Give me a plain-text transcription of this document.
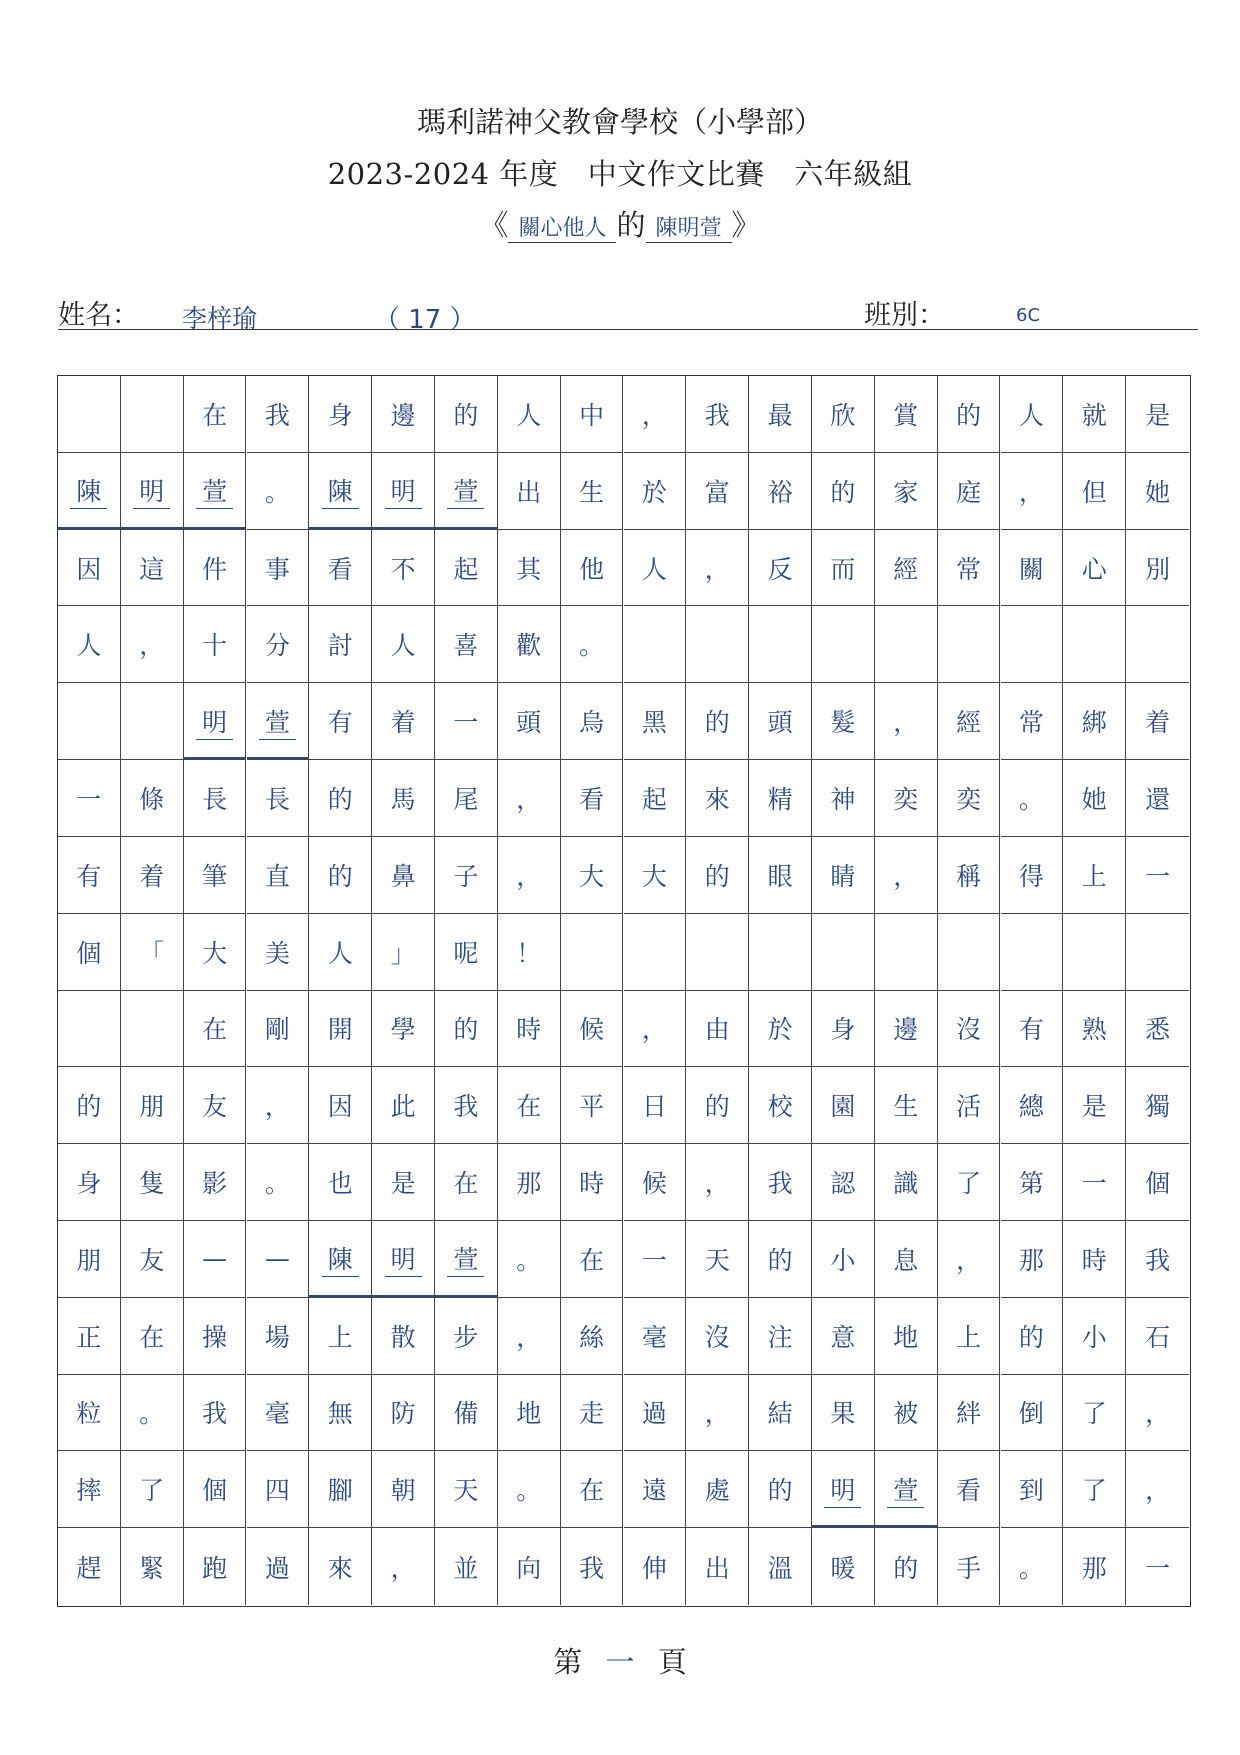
瑪利諾神父教會學校（小學部）
2023-2024 年度　中文作文比賽　六年級組
《 關心他人 的 陳明萱 》
姓名： 李梓瑜	（ 17 ）	班別：	6C
在 我 身 邊 的 人 中 ， 我 最 欣 賞 的 人 就 是
陳 明 萱 。 陳 明 萱 出 生 於 富 裕 的 家 庭 ， 但 她
因 這 件 事 看 不 起 其 他 人 ， 反 而 經 常 關 心 別
人 ， 十 分 討 人 喜 歡 。
明 萱 有 着 一 頭 烏 黑 的 頭 髮 ， 經 常 綁 着
一 條 長 長 的 馬 尾 ， 看 起 來 精 神 奕 奕 。 她 還
有 着 筆 直 的 鼻 子 ， 大 大 的 眼 睛 ， 稱 得 上 一
個 「 大 美 人 」 呢 ！
在 剛 開 學 的 時 候 ， 由 於 身 邊 沒 有 熟 悉
的 朋 友 ， 因 此 我 在 平 日 的 校 園 生 活 總 是 獨
身 隻 影 。 也 是 在 那 時 候 ， 我 認 識 了 第 一 個
朋 友 — — 陳 明 萱 。 在 一 天 的 小 息 ， 那 時 我
正 在 操 場 上 散 步 ， 絲 毫 沒 注 意 地 上 的 小 石
粒 。 我 毫 無 防 備 地 走 過 ， 結 果 被 絆 倒 了 ，
摔 了 個 四 腳 朝 天 。 在 遠 處 的 明 萱 看 到 了 ，
趕 緊 跑 過 來 ， 並 向 我 伸 出 溫 暖 的 手 。 那 一
第 一 頁
